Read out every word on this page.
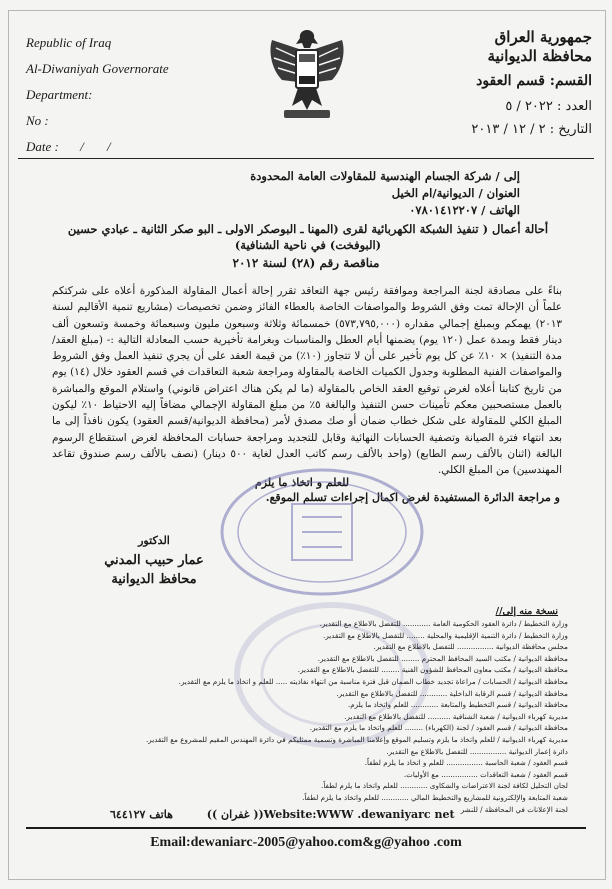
Republic of Iraq
Al-Diwaniyah Governorate
Department:
No :
Date : / /
جمهورية العراق
محافظة الديوانية
القسم: قسم العقود
العدد : ٢٠٢٢ / ٥
التاريخ : ٢ / ١٢ / ٢٠١٣
إلى / شركة الجسام الهندسية للمقاولات العامة المحدودة
العنوان / الديوانية/ام الخيل
الهاتف / ٠٧٨٠١٤١٢٢٠٧
أحالة أعمال ( تنفيذ الشبكة الكهربائية لقرى (المهنا ـ البوصكر الاولى ـ البو صكر الثانية ـ عبادي حسين
(البوفخت) في ناحية الشنافية)
مناقصة رقم (٢٨) لسنة ٢٠١٢
بناءً على مصادقة لجنة المراجعة وموافقة رئيس جهة التعاقد تقرر إحالة أعمال المقاولة المذكورة أعلاه على شركتكم علماً أن الإحالة تمت وفق الشروط والمواصفات الخاصة بالعطاء الفائز وضمن تخصيصات (مشاريع تنمية الأقاليم لسنة ٢٠١٣) يهمكم وبمبلغ إجمالي مقداره (٥٧٣,٧٩٥,٠٠٠) خمسمائة وثلاثة وسبعون مليون وسبعمائة وخمسة وتسعون ألف دينار فقط وبمدة عمل (١٢٠ يوم) يضمنها أيام العطل والمناسبات وبغرامة تأخيرية حسب المعادلة التالية :- (مبلغ العقد/ مدة التنفيذ) × ١٠٪ عن كل يوم تأخير على أن لا تتجاوز (١٠٪) من قيمة العقد على أن يجري تنفيذ العمل وفق الشروط والمواصفات الفنية المطلوبة وجدول الكميات الخاصة بالمقاولة ومراجعة شعبة التعاقدات في قسم العقود خلال (١٤) يوم من تاريخ كتابنا أعلاه لغرض توقيع العقد الخاص بالمقاولة (ما لم يكن هناك اعتراض قانوني) واستلام الموقع والمباشرة بالعمل مستصحبين معكم تأمينات حسن التنفيذ والبالغة ٥٪ من مبلغ المقاولة الإجمالي مضافاً إليه الاحتياط ١٠٪ ليكون المبلغ الكلي للمقاولة على شكل خطاب ضمان أو صك مصدق لأمر (محافظة الديوانية/قسم العقود) يكون نافذاً إلى ما بعد انتهاء فترة الصيانة وتصفية الحسابات النهائية وقابل للتجديد ومراجعة حسابات المحافظة لغرض استقطاع الرسوم البالغة (اثنان بالألف رسم الطابع) (واحد بالألف رسم كاتب العدل لغاية ٥٠٠ دينار) (نصف بالألف رسم صندوق تقاعد المهندسين) من المبلغ الكلي.
للعلم و اتخاذ ما يلزم
و مراجعة الدائرة المستفيدة لغرض اكمال إجراءات تسلم الموقع.
الدكتور
عمار حبيب المدني
محافظ الديوانية
نسخة منه إلى//
وزارة التخطيط / دائرة العقود الحكومية العامة ............ للتفضل بالاطلاع مع التقدير.
وزارة التخطيط / دائرة التنمية الإقليمية والمحلية ........ للتفضل بالاطلاع مع التقدير.
مجلس محافظة الديوانية ................ للتفضل بالاطلاع مع التقدير.
محافظة الديوانية / مكتب السيد المحافظ المحترم ........ للتفضل بالاطلاع مع التقدير.
محافظة الديوانية / مكتب معاون المحافظ للشؤون الفنية ........ للتفضل بالاطلاع مع التقدير.
محافظة الديوانية / الحسابات / مراعاة تجديد خطاب الضمان قبل فترة مناسبة من انتهاء نفاذيته ..... للعلم و اتخاذ ما يلزم مع التقدير.
محافظة الديوانية / قسم الرقابة الداخلية ............ للتفضل بالاطلاع مع التقدير.
محافظة الديوانية / قسم التخطيط والمتابعة ............ للعلم واتخاذ ما يلزم.
مديرية كهرباء الديوانية / شعبة الشنافية .......... للتفضل بالاطلاع مع التقدير.
محافظة الديوانية / قسم العقود / لجنة (الكهرباء) ........ للعلم واتخاذ ما يلزم مع التقدير.
مديرية كهرباء الديوانية / للعلم واتخاذ ما يلزم وتسليم الموقع وإعلامنا المباشرة وتسمية ممثليكم في دائرة المهندس المقيم للمشروع مع التقدير.
دائرة إعمار الديوانية ................ للتفضل بالاطلاع مع التقدير.
قسم العقود / شعبة الحاسبة ................ للعلم و اتخاذ ما يلزم لطفاً.
قسم العقود / شعبة التعاقدات ................ مع الأوليات.
لجان التحليل لكافة لجنة الاعتراضات والشكاوى ............ للعلم واتخاذ ما يلزم لطفاً.
شعبة المتابعة والإلكترونية للمشاريع والتخطيط المالي ............ للعلم واتخاذ ما يلزم لطفاً.
لجنة الإعلانات في المحافظة / للنشر
هاتف ٦٤٤١٢٧	(( غفران ))Website:WWW .dewaniyarc net
Email:dewaniarc-2005@yahoo.com&g@yahoo .com
